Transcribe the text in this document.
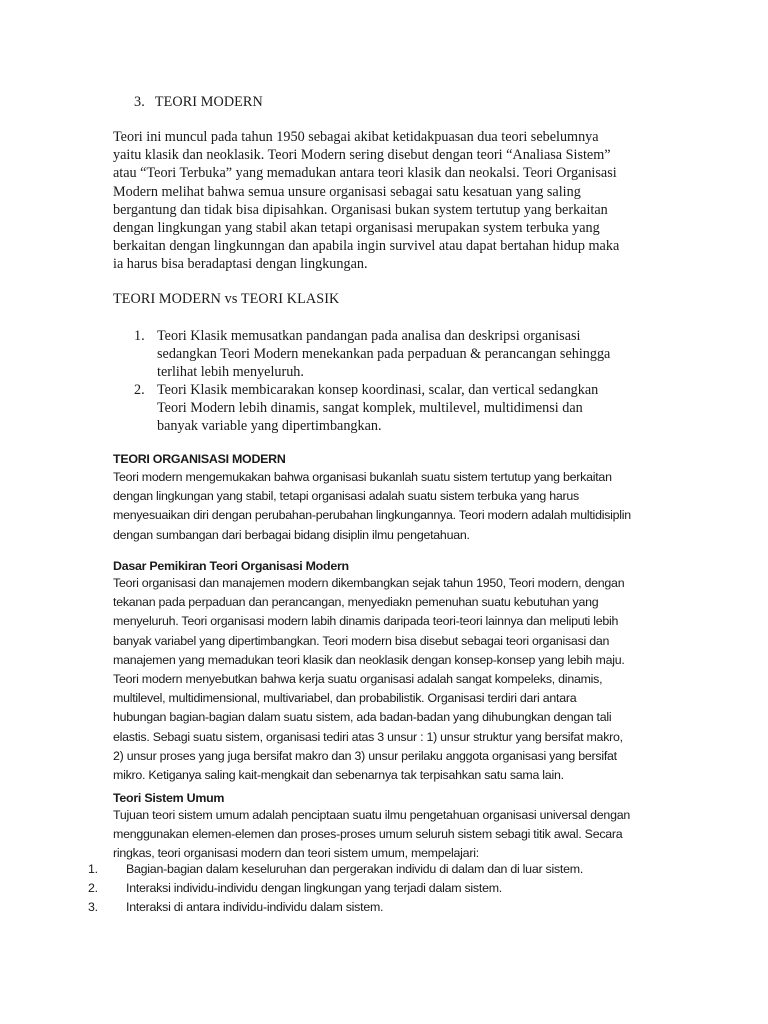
3. TEORI MODERN
Teori ini muncul pada tahun 1950 sebagai akibat ketidakpuasan dua teori sebelumnya
yaitu klasik dan neoklasik. Teori Modern sering disebut dengan teori “Analiasa Sistem”
atau “Teori Terbuka” yang memadukan antara teori klasik dan neokalsi. Teori Organisasi
Modern melihat bahwa semua unsure organisasi sebagai satu kesatuan yang saling
bergantung dan tidak bisa dipisahkan. Organisasi bukan system tertutup yang berkaitan
dengan lingkungan yang stabil akan tetapi organisasi merupakan system terbuka yang
berkaitan dengan lingkunngan dan apabila ingin survivel atau dapat bertahan hidup maka
ia harus bisa beradaptasi dengan lingkungan.
TEORI MODERN vs TEORI KLASIK
1. Teori Klasik memusatkan pandangan pada analisa dan deskripsi organisasi
sedangkan Teori Modern menekankan pada perpaduan & perancangan sehingga
terlihat lebih menyeluruh.
2. Teori Klasik membicarakan konsep koordinasi, scalar, dan vertical sedangkan
Teori Modern lebih dinamis, sangat komplek, multilevel, multidimensi dan
banyak variable yang dipertimbangkan.
TEORI ORGANISASI MODERN
Teori modern mengemukakan bahwa organisasi bukanlah suatu sistem tertutup yang berkaitan
dengan lingkungan yang stabil, tetapi organisasi adalah suatu sistem terbuka yang harus
menyesuaikan diri dengan perubahan-perubahan lingkungannya. Teori modern adalah multidisiplin
dengan sumbangan dari berbagai bidang disiplin ilmu pengetahuan.
Dasar Pemikiran Teori Organisasi Modern
Teori organisasi dan manajemen modern dikembangkan sejak tahun 1950, Teori modern, dengan
tekanan pada perpaduan dan perancangan, menyediakn pemenuhan suatu kebutuhan yang
menyeluruh. Teori organisasi modern labih dinamis daripada teori-teori lainnya dan meliputi lebih
banyak variabel yang dipertimbangkan. Teori modern bisa disebut sebagai teori organisasi dan
manajemen yang memadukan teori klasik dan neoklasik dengan konsep-konsep yang lebih maju.
Teori modern menyebutkan bahwa kerja suatu organisasi adalah sangat kompeleks, dinamis,
multilevel, multidimensional, multivariabel, dan probabilistik. Organisasi terdiri dari antara
hubungan bagian-bagian dalam suatu sistem, ada badan-badan yang dihubungkan dengan tali
elastis. Sebagi suatu sistem, organisasi tediri atas 3 unsur : 1) unsur struktur yang bersifat makro,
2) unsur proses yang juga bersifat makro dan 3) unsur perilaku anggota organisasi yang bersifat
mikro. Ketiganya saling kait-mengkait dan sebenarnya tak terpisahkan satu sama lain.
Teori Sistem Umum
Tujuan teori sistem umum adalah penciptaan suatu ilmu pengetahuan organisasi universal dengan
menggunakan elemen-elemen dan proses-proses umum seluruh sistem sebagi titik awal. Secara
ringkas, teori organisasi modern dan teori sistem umum, mempelajari:
1. Bagian-bagian dalam keseluruhan dan pergerakan individu di dalam dan di luar sistem.
2. Interaksi individu-individu dengan lingkungan yang terjadi dalam sistem.
3. Interaksi di antara individu-individu dalam sistem.
